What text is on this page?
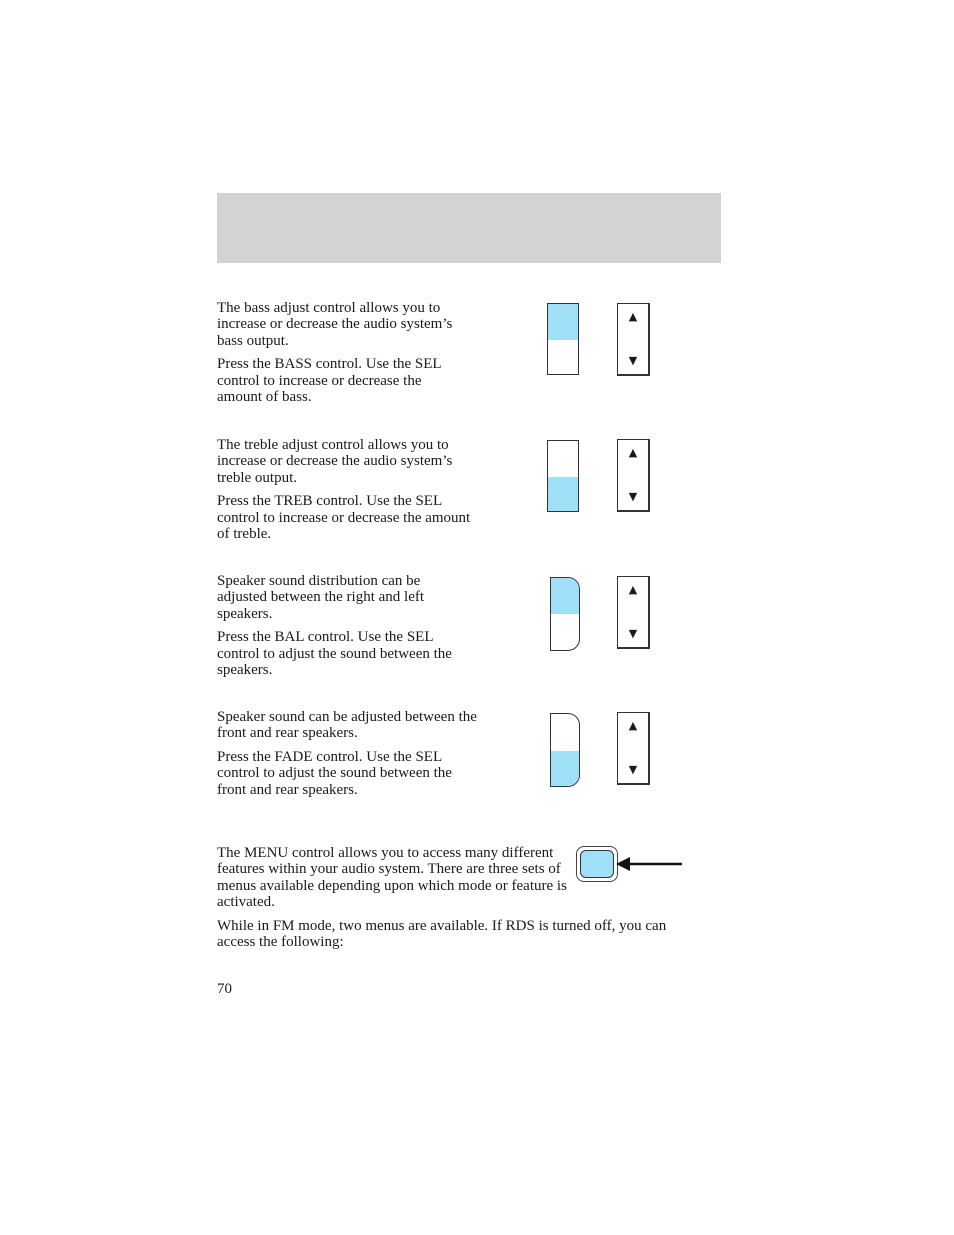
The bass adjust control allows you to increase or decrease the audio system’s bass output.

Press the BASS control. Use the SEL control to increase or decrease the amount of bass.

▲
▼

The treble adjust control allows you to increase or decrease the audio system’s treble output.

Press the TREB control. Use the SEL control to increase or decrease the amount of treble.

▲
▼

Speaker sound distribution can be adjusted between the right and left speakers.

Press the BAL control. Use the SEL control to adjust the sound between the speakers.

▲
▼

Speaker sound can be adjusted between the front and rear speakers.

Press the FADE control. Use the SEL control to adjust the sound between the front and rear speakers.

▲
▼

The MENU control allows you to access many different features within your audio system. There are three sets of menus available depending upon which mode or feature is activated.

While in FM mode, two menus are available. If RDS is turned off, you can access the following:

70
